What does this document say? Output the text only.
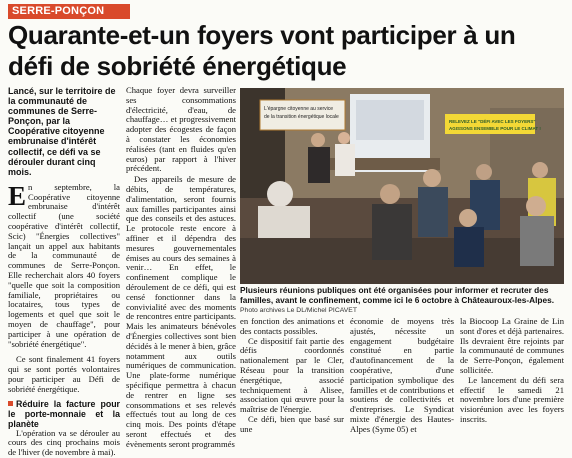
SERRE-PONÇON
Quarante-et-un foyers vont participer à un défi de sobriété énergétique

Lancé, sur le territoire de la communauté de communes de Serre-Ponçon, par la Coopérative citoyenne embrunaise d'intérêt collectif, ce défi va se dérouler durant cinq mois.

En septembre, la Coopérative citoyenne embrunaise d'intérêt collectif (une société coopérative d'intérêt collectif, Scic) "Énergies collectives" lançait un appel aux habitants de la communauté de communes de Serre-Ponçon. Elle recherchait alors 40 foyers "quelle que soit la composition familiale, propriétaires ou locataires, tous types de logements et quel que soit le moyen de chauffage", pour participer à une opération de "sobriété énergétique".

Ce sont finalement 41 foyers qui se sont portés volontaires pour participer au Défi de sobriété énergétique.

Réduire la facture pour le porte-monnaie et la planète

L'opération va se dérouler au cours des cinq prochains mois de l'hiver (de novembre à mai).

Chaque foyer devra surveiller ses consommations d'électricité, d'eau, de chauffage… et progressivement adopter des écogestes de façon à constater les économies réalisées (tant en fluides qu'en euros) par rapport à l'hiver précédent.

Des appareils de mesure de débits, de températures, d'alimentation, seront fournis aux familles participantes ainsi que des conseils et des astuces. Le protocole reste encore à affiner et il dépendra des mesures gouvernementales émises au cours des semaines à venir… En effet, le confinement complique le déroulement de ce défi, qui est censé fonctionner dans la convivialité avec des moments de rencontres entre participants. Mais les animateurs bénévoles d'Énergies collectives sont bien décidés à le mener à bien, grâce notamment aux outils numériques de communication. Une plate-forme numérique spécifique permettra à chacun de rentrer en ligne ses consommations et ses relevés effectués tout au long de ces cinq mois. Des points d'étape seront effectués et des évènements seront programmés

L'épargne citoyenne au service
de la transition énergétique locale
RELEVEZ LE "DÉFI AVEC LES FOYERS"
AGISSONS ENSEMBLE POUR LE CLIMAT !
Plusieurs réunions publiques ont été organisées pour informer et recruter des familles, avant le confinement, comme ici le 6 octobre à Châteauroux-les-Alpes.
Photo archives Le DL/Michel PICAVET

en fonction des animations et des contacts possibles.

Ce dispositif fait partie des défis coordonnés nationalement par le Cler, Réseau pour la transition énergétique, associé techniquement à Alisee, association qui œuvre pour la maîtrise de l'énergie.

Ce défi, bien que basé sur une

économie de moyens très ajustés, nécessite un engagement budgétaire constitué en partie d'autofinancement de la coopérative, d'une participation symbolique des familles et de contributions et soutiens de collectivités et d'entreprises. Le Syndicat mixte d'énergie des Hautes-Alpes (Syme 05) et

la Biocoop La Graine de Lin sont d'ores et déjà partenaires. Ils devraient être rejoints par la communauté de communes de Serre-Ponçon, également sollicitée.

Le lancement du défi sera effectif le samedi 21 novembre lors d'une première visioréunion avec les foyers inscrits.
